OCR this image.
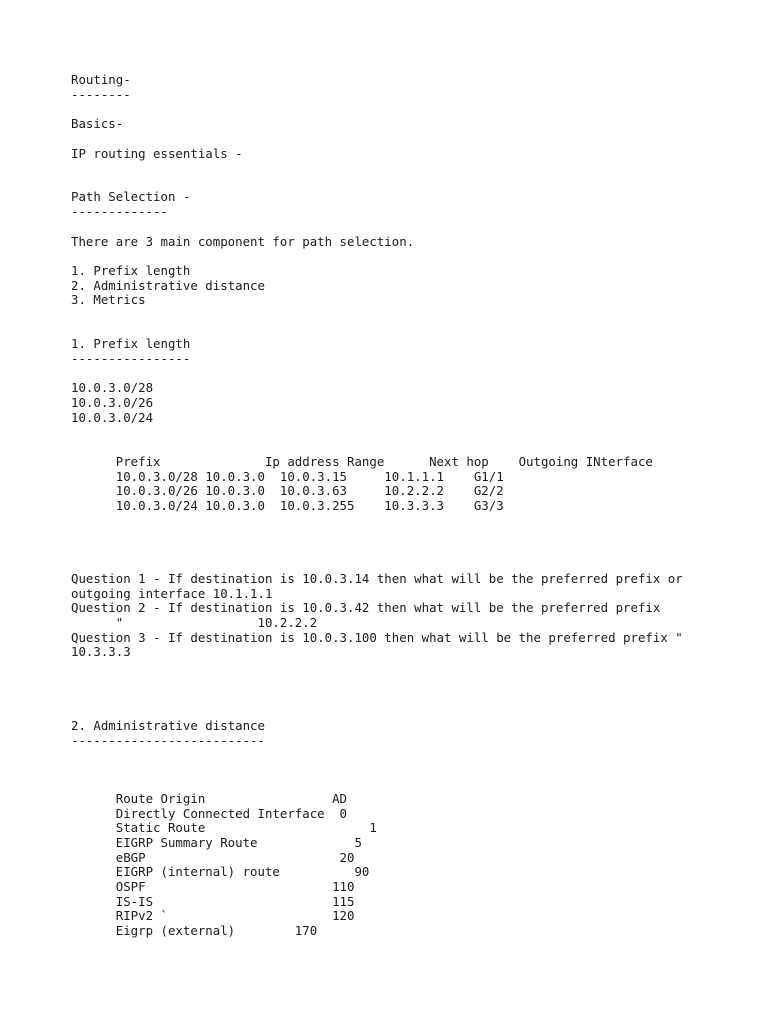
Routing-

--------

Basics-

IP routing essentials -

Path Selection -

-------------

There are 3 main component for path selection.

1. Prefix length

2. Administrative distance

3. Metrics

1. Prefix length

----------------

10.0.3.0/28

10.0.3.0/26

10.0.3.0/24

Prefix              Ip address Range      Next hop    Outgoing INterface

10.0.3.0/28 10.0.3.0  10.0.3.15     10.1.1.1    G1/1

10.0.3.0/26 10.0.3.0  10.0.3.63     10.2.2.2    G2/2

10.0.3.0/24 10.0.3.0  10.0.3.255    10.3.3.3    G3/3

Question 1 - If destination is 10.0.3.14 then what will be the preferred prefix or

outgoing interface 10.1.1.1

Question 2 - If destination is 10.0.3.42 then what will be the preferred prefix

"                  10.2.2.2

Question 3 - If destination is 10.0.3.100 then what will be the preferred prefix "

10.3.3.3

2. Administrative distance

--------------------------

Route Origin                 AD

Directly Connected Interface  0

Static Route                      1

EIGRP Summary Route             5

eBGP                          20

EIGRP (internal) route          90

OSPF                         110

IS-IS                        115

RIPv2 `                      120

Eigrp (external)        170
